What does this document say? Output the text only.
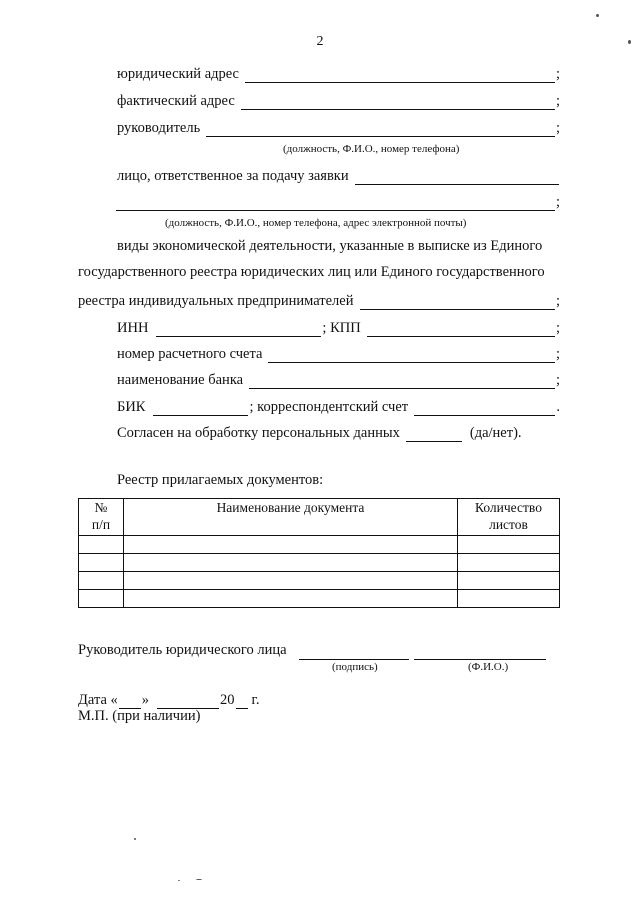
2
юридический адрес	;
фактический адрес	;
руководитель	;
(должность, Ф.И.О., номер телефона)
лицо, ответственное за подачу заявки
;
(должность, Ф.И.О., номер телефона, адрес электронной почты)
виды экономической деятельности, указанные в выписке из Единого
государственного реестра юридических лиц или Единого государственного
реестра индивидуальных предпринимателей	;
ИНН	; КПП	;
номер расчетного счета	;
наименование банка	;
БИК	; корреспондентский счет	.
Согласен на обработку персональных данных	(да/нет).
Реестр прилагаемых документов:
№
п/п	Наименование документа	Количество
листов

Руководитель юридического лица
(подпись)	(Ф.И.О.)
Дата « »	20 г.
М.П. (при наличии)
